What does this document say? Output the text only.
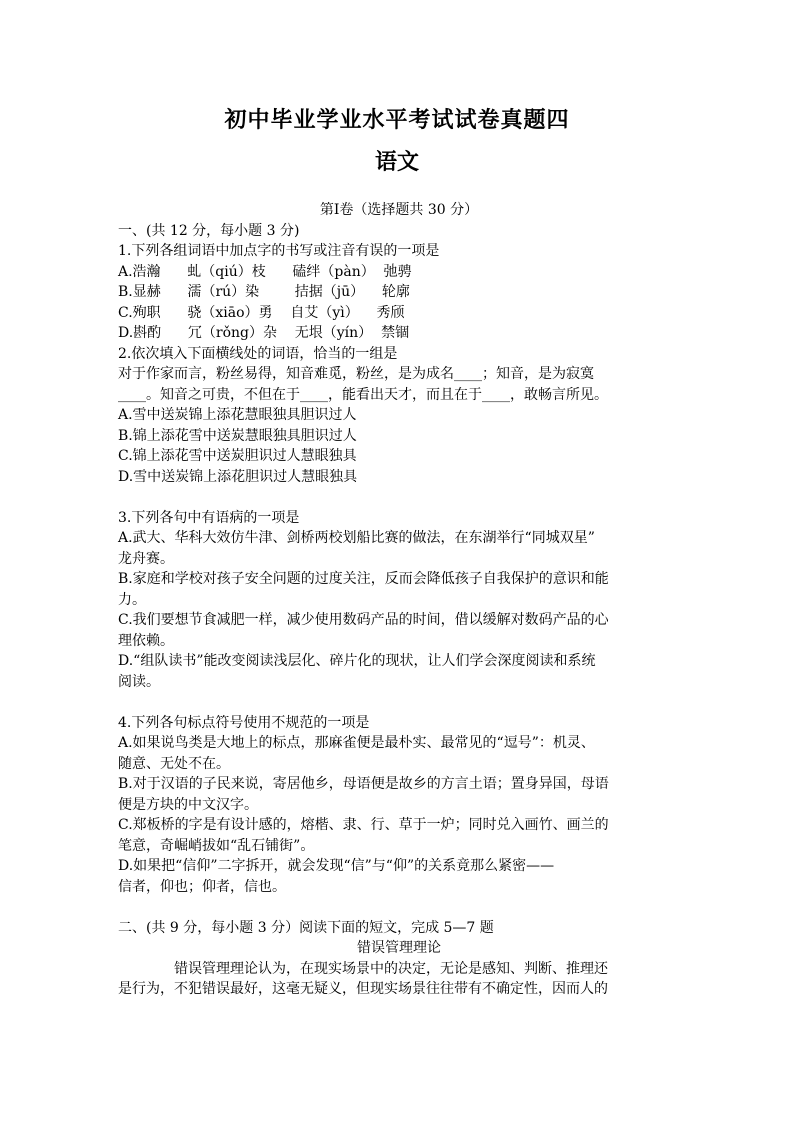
初中毕业学业水平考试试卷真题四
语文
第Ⅰ卷（选择题共 30 分）
一、(共 12 分，每小题 3 分)
1.下列各组词语中加点字的书写或注音有误的一项是
A.浩瀚      虬（qiú）枝      磕绊（pàn）  弛骋
B.显赫      濡（rú）染        拮据（jū）    轮廓
C.殉职      骁（xiāo）勇    自艾（yì）    秀颀
D.斟酌      冗（rǒng）杂    无垠（yín）  禁锢
2.依次填入下面横线处的词语，恰当的一组是
对于作家而言，粉丝易得，知音难觅，粉丝，是为成名____；知音，是为寂寞
____。知音之可贵，不但在于____，能看出天才，而且在于____，敢畅言所见。
A.雪中送炭锦上添花慧眼独具胆识过人
B.锦上添花雪中送炭慧眼独具胆识过人
C.锦上添花雪中送炭胆识过人慧眼独具
D.雪中送炭锦上添花胆识过人慧眼独具
3.下列各句中有语病的一项是
A.武大、华科大效仿牛津、剑桥两校划船比赛的做法，在东湖举行“同城双星”
龙舟赛。
B.家庭和学校对孩子安全问题的过度关注，反而会降低孩子自我保护的意识和能
力。
C.我们要想节食减肥一样，减少使用数码产品的时间，借以缓解对数码产品的心
理依赖。
D.“组队读书”能改变阅读浅层化、碎片化的现状，让人们学会深度阅读和系统
阅读。
4.下列各句标点符号使用不规范的一项是
A.如果说鸟类是大地上的标点，那麻雀便是最朴实、最常见的“逗号”：机灵、
随意、无处不在。
B.对于汉语的子民来说，寄居他乡，母语便是故乡的方言土语；置身异国，母语
便是方块的中文汉字。
C.郑板桥的字是有设计感的，熔楷、隶、行、草于一炉；同时兑入画竹、画兰的
笔意，奇崛峭拔如“乱石铺街”。
D.如果把“信仰”二字拆开，就会发现“信”与“仰”的关系竟那么紧密——
信者，仰也；仰者，信也。
二、(共 9 分，每小题 3 分）阅读下面的短文，完成 5—7 题
错误管理理论
错误管理理论认为，在现实场景中的决定，无论是感知、判断、推理还
是行为，不犯错误最好，这毫无疑义，但现实场景往往带有不确定性，因而人的
